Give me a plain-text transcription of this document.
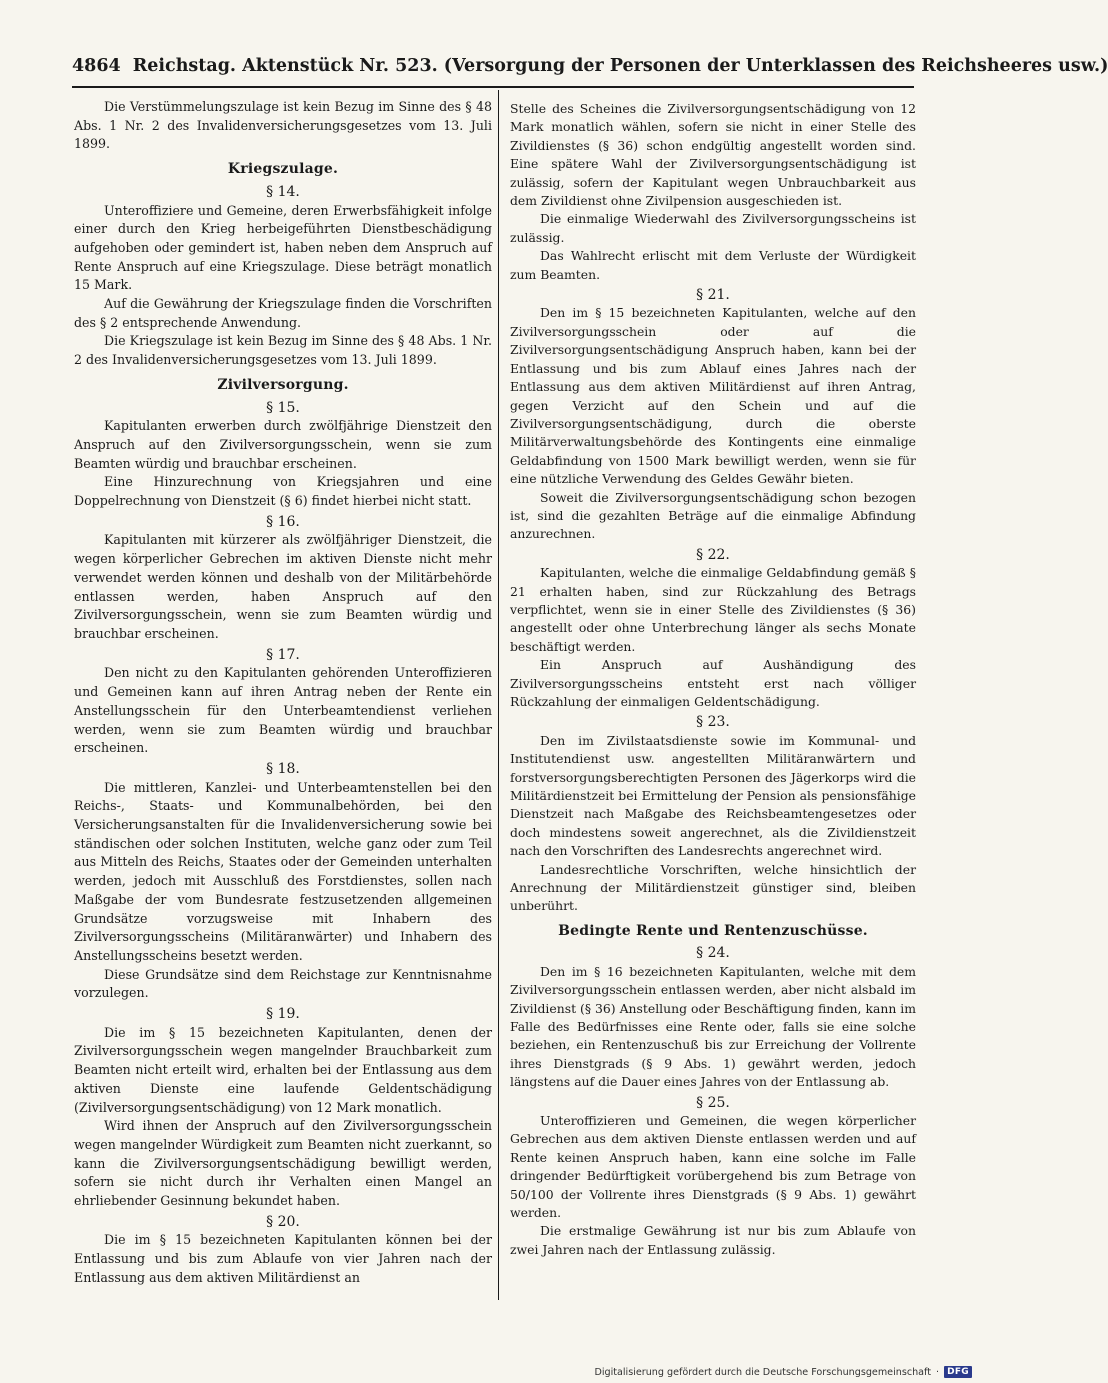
4864 Reichstag. Aktenstück Nr. 523. (Versorgung der Personen der Unterklassen des Reichsheeres usw.)

Die Verstümmelungszulage ist kein Bezug im Sinne des § 48 Abs. 1 Nr. 2 des Invalidenversicherungsgesetzes vom 13. Juli 1899.

Kriegszulage.
§ 14.

Unteroffiziere und Gemeine, deren Erwerbsfähigkeit infolge einer durch den Krieg herbeigeführten Dienstbeschädigung aufgehoben oder gemindert ist, haben neben dem Anspruch auf Rente Anspruch auf eine Kriegszulage. Diese beträgt monatlich 15 Mark.

Auf die Gewährung der Kriegszulage finden die Vorschriften des § 2 entsprechende Anwendung.

Die Kriegszulage ist kein Bezug im Sinne des § 48 Abs. 1 Nr. 2 des Invalidenversicherungsgesetzes vom 13. Juli 1899.

Zivilversorgung.
§ 15.

Kapitulanten erwerben durch zwölfjährige Dienstzeit den Anspruch auf den Zivilversorgungsschein, wenn sie zum Beamten würdig und brauchbar erscheinen.

Eine Hinzurechnung von Kriegsjahren und eine Doppelrechnung von Dienstzeit (§ 6) findet hierbei nicht statt.

§ 16.

Kapitulanten mit kürzerer als zwölfjähriger Dienstzeit, die wegen körperlicher Gebrechen im aktiven Dienste nicht mehr verwendet werden können und deshalb von der Militärbehörde entlassen werden, haben Anspruch auf den Zivilversorgungsschein, wenn sie zum Beamten würdig und brauchbar erscheinen.

§ 17.

Den nicht zu den Kapitulanten gehörenden Unteroffizieren und Gemeinen kann auf ihren Antrag neben der Rente ein Anstellungsschein für den Unterbeamtendienst verliehen werden, wenn sie zum Beamten würdig und brauchbar erscheinen.

§ 18.

Die mittleren, Kanzlei- und Unterbeamtenstellen bei den Reichs-, Staats- und Kommunalbehörden, bei den Versicherungsanstalten für die Invalidenversicherung sowie bei ständischen oder solchen Instituten, welche ganz oder zum Teil aus Mitteln des Reichs, Staates oder der Gemeinden unterhalten werden, jedoch mit Ausschluß des Forstdienstes, sollen nach Maßgabe der vom Bundesrate festzusetzenden allgemeinen Grundsätze vorzugsweise mit Inhabern des Zivilversorgungsscheins (Militäranwärter) und Inhabern des Anstellungsscheins besetzt werden.

Diese Grundsätze sind dem Reichstage zur Kenntnisnahme vorzulegen.

§ 19.

Die im § 15 bezeichneten Kapitulanten, denen der Zivilversorgungsschein wegen mangelnder Brauchbarkeit zum Beamten nicht erteilt wird, erhalten bei der Entlassung aus dem aktiven Dienste eine laufende Geldentschädigung (Zivilversorgungsentschädigung) von 12 Mark monatlich.

Wird ihnen der Anspruch auf den Zivilversorgungsschein wegen mangelnder Würdigkeit zum Beamten nicht zuerkannt, so kann die Zivilversorgungsentschädigung bewilligt werden, sofern sie nicht durch ihr Verhalten einen Mangel an ehrliebender Gesinnung bekundet haben.

§ 20.

Die im § 15 bezeichneten Kapitulanten können bei der Entlassung und bis zum Ablaufe von vier Jahren nach der Entlassung aus dem aktiven Militärdienst an

Stelle des Scheines die Zivilversorgungsentschädigung von 12 Mark monatlich wählen, sofern sie nicht in einer Stelle des Zivildienstes (§ 36) schon endgültig angestellt worden sind. Eine spätere Wahl der Zivilversorgungsentschädigung ist zulässig, sofern der Kapitulant wegen Unbrauchbarkeit aus dem Zivildienst ohne Zivilpension ausgeschieden ist.

Die einmalige Wiederwahl des Zivilversorgungsscheins ist zulässig.

Das Wahlrecht erlischt mit dem Verluste der Würdigkeit zum Beamten.

§ 21.

Den im § 15 bezeichneten Kapitulanten, welche auf den Zivilversorgungsschein oder auf die Zivilversorgungsentschädigung Anspruch haben, kann bei der Entlassung und bis zum Ablauf eines Jahres nach der Entlassung aus dem aktiven Militärdienst auf ihren Antrag, gegen Verzicht auf den Schein und auf die Zivilversorgungsentschädigung, durch die oberste Militärverwaltungsbehörde des Kontingents eine einmalige Geldabfindung von 1500 Mark bewilligt werden, wenn sie für eine nützliche Verwendung des Geldes Gewähr bieten.

Soweit die Zivilversorgungsentschädigung schon bezogen ist, sind die gezahlten Beträge auf die einmalige Abfindung anzurechnen.

§ 22.

Kapitulanten, welche die einmalige Geldabfindung gemäß § 21 erhalten haben, sind zur Rückzahlung des Betrags verpflichtet, wenn sie in einer Stelle des Zivildienstes (§ 36) angestellt oder ohne Unterbrechung länger als sechs Monate beschäftigt werden.

Ein Anspruch auf Aushändigung des Zivilversorgungsscheins entsteht erst nach völliger Rückzahlung der einmaligen Geldentschädigung.

§ 23.

Den im Zivilstaatsdienste sowie im Kommunal- und Institutendienst usw. angestellten Militäranwärtern und forstversorgungsberechtigten Personen des Jägerkorps wird die Militärdienstzeit bei Ermittelung der Pension als pensionsfähige Dienstzeit nach Maßgabe des Reichsbeamtengesetzes oder doch mindestens soweit angerechnet, als die Zivildienstzeit nach den Vorschriften des Landesrechts angerechnet wird.

Landesrechtliche Vorschriften, welche hinsichtlich der Anrechnung der Militärdienstzeit günstiger sind, bleiben unberührt.

Bedingte Rente und Rentenzuschüsse.
§ 24.

Den im § 16 bezeichneten Kapitulanten, welche mit dem Zivilversorgungsschein entlassen werden, aber nicht alsbald im Zivildienst (§ 36) Anstellung oder Beschäftigung finden, kann im Falle des Bedürfnisses eine Rente oder, falls sie eine solche beziehen, ein Rentenzuschuß bis zur Erreichung der Vollrente ihres Dienstgrads (§ 9 Abs. 1) gewährt werden, jedoch längstens auf die Dauer eines Jahres von der Entlassung ab.

§ 25.

Unteroffizieren und Gemeinen, die wegen körperlicher Gebrechen aus dem aktiven Dienste entlassen werden und auf Rente keinen Anspruch haben, kann eine solche im Falle dringender Bedürftigkeit vorübergehend bis zum Betrage von 50/100 der Vollrente ihres Dienstgrads (§ 9 Abs. 1) gewährt werden.

Die erstmalige Gewährung ist nur bis zum Ablaufe von zwei Jahren nach der Entlassung zulässig.

Digitalisierung gefördert durch die Deutsche Forschungsgemeinschaft · DFG
